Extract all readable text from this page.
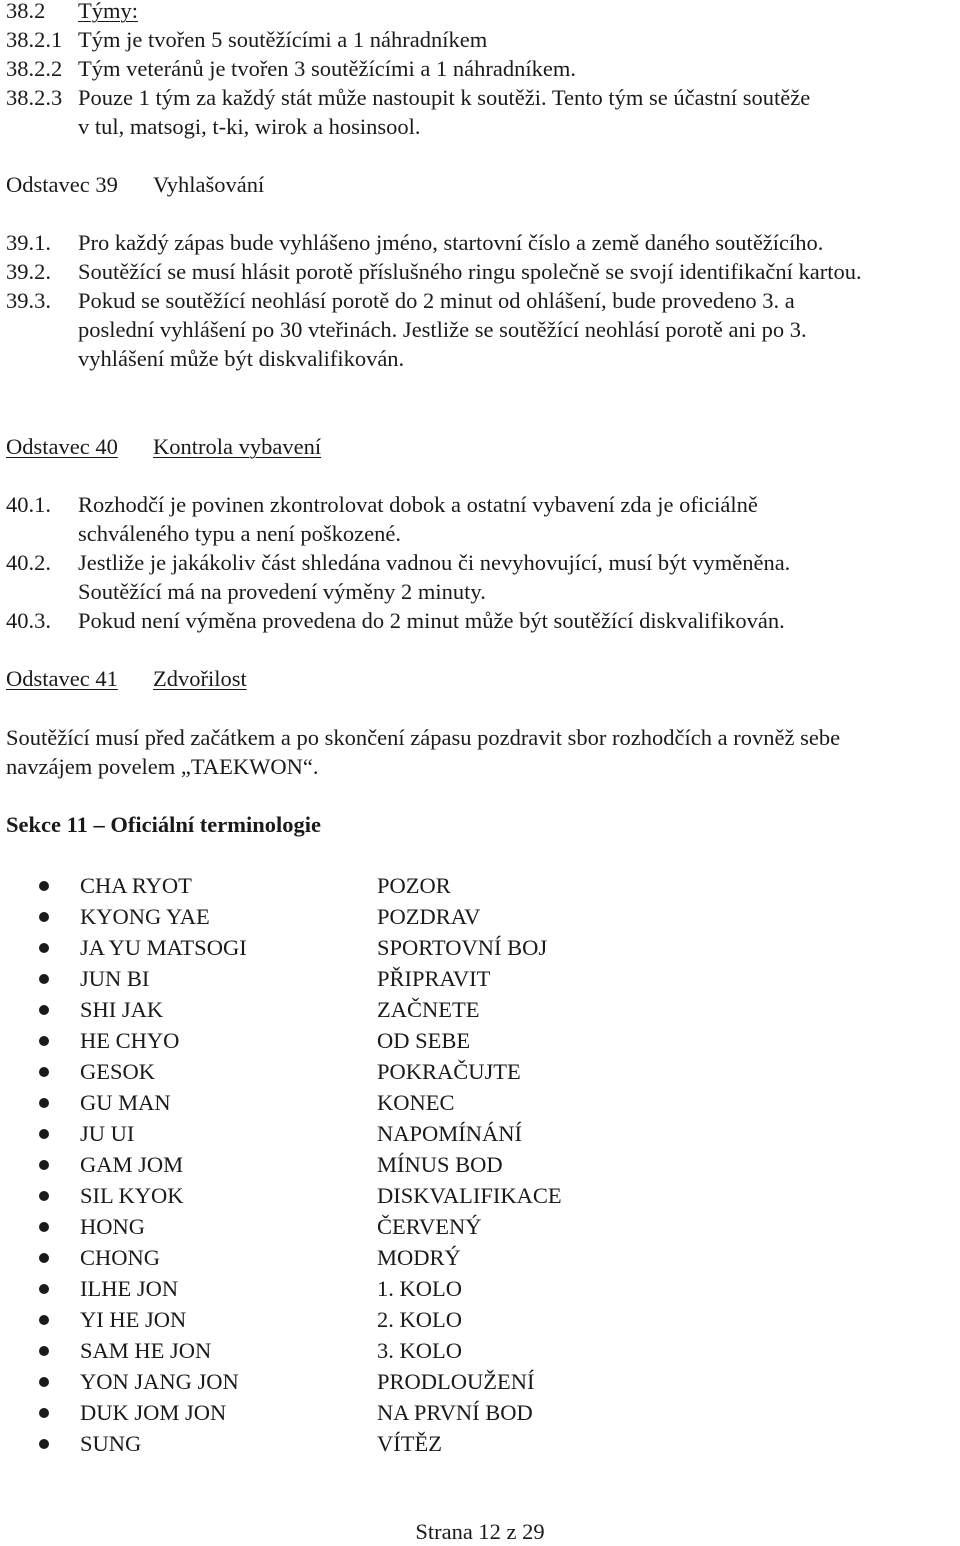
38.2 Týmy:
38.2.1 Tým je tvořen 5 soutěžícími a 1 náhradníkem
38.2.2 Tým veteránů je tvořen 3 soutěžícími a 1 náhradníkem.
38.2.3 Pouze 1 tým za každý stát může nastoupit k soutěži. Tento tým se účastní soutěže
v tul, matsogi, t-ki, wirok a hosinsool.
Odstavec 39 Vyhlašování
39.1. Pro každý zápas bude vyhlášeno jméno, startovní číslo a země daného soutěžícího.
39.2. Soutěžící se musí hlásit porotě příslušného ringu společně se svojí identifikační kartou.
39.3. Pokud se soutěžící neohlásí porotě do 2 minut od ohlášení, bude provedeno 3. a
poslední vyhlášení po 30 vteřinách. Jestliže se soutěžící neohlásí porotě ani po 3.
vyhlášení může být diskvalifikován.
Odstavec 40 Kontrola vybavení
40.1. Rozhodčí je povinen zkontrolovat dobok a ostatní vybavení zda je oficiálně
schváleného typu a není poškozené.
40.2. Jestliže je jakákoliv část shledána vadnou či nevyhovující, musí být vyměněna.
Soutěžící má na provedení výměny 2 minuty.
40.3. Pokud není výměna provedena do 2 minut může být soutěžící diskvalifikován.
Odstavec 41 Zdvořilost
Soutěžící musí před začátkem a po skončení zápasu pozdravit sbor rozhodčích a rovněž sebe
navzájem povelem „TAEKWON“.
Sekce 11 – Oficiální terminologie
CHA RYOT	POZOR
KYONG YAE	POZDRAV
JA YU MATSOGI	SPORTOVNÍ BOJ
JUN BI	PŘIPRAVIT
SHI JAK	ZAČNETE
HE CHYO	OD SEBE
GESOK	POKRAČUJTE
GU MAN	KONEC
JU UI	NAPOMÍNÁNÍ
GAM JOM	MÍNUS BOD
SIL KYOK	DISKVALIFIKACE
HONG	ČERVENÝ
CHONG	MODRÝ
ILHE JON	1. KOLO
YI HE JON	2. KOLO
SAM HE JON	3. KOLO
YON JANG JON	PRODLOUŽENÍ
DUK JOM JON	NA PRVNÍ BOD
SUNG	VÍTĚZ
Strana 12 z 29
